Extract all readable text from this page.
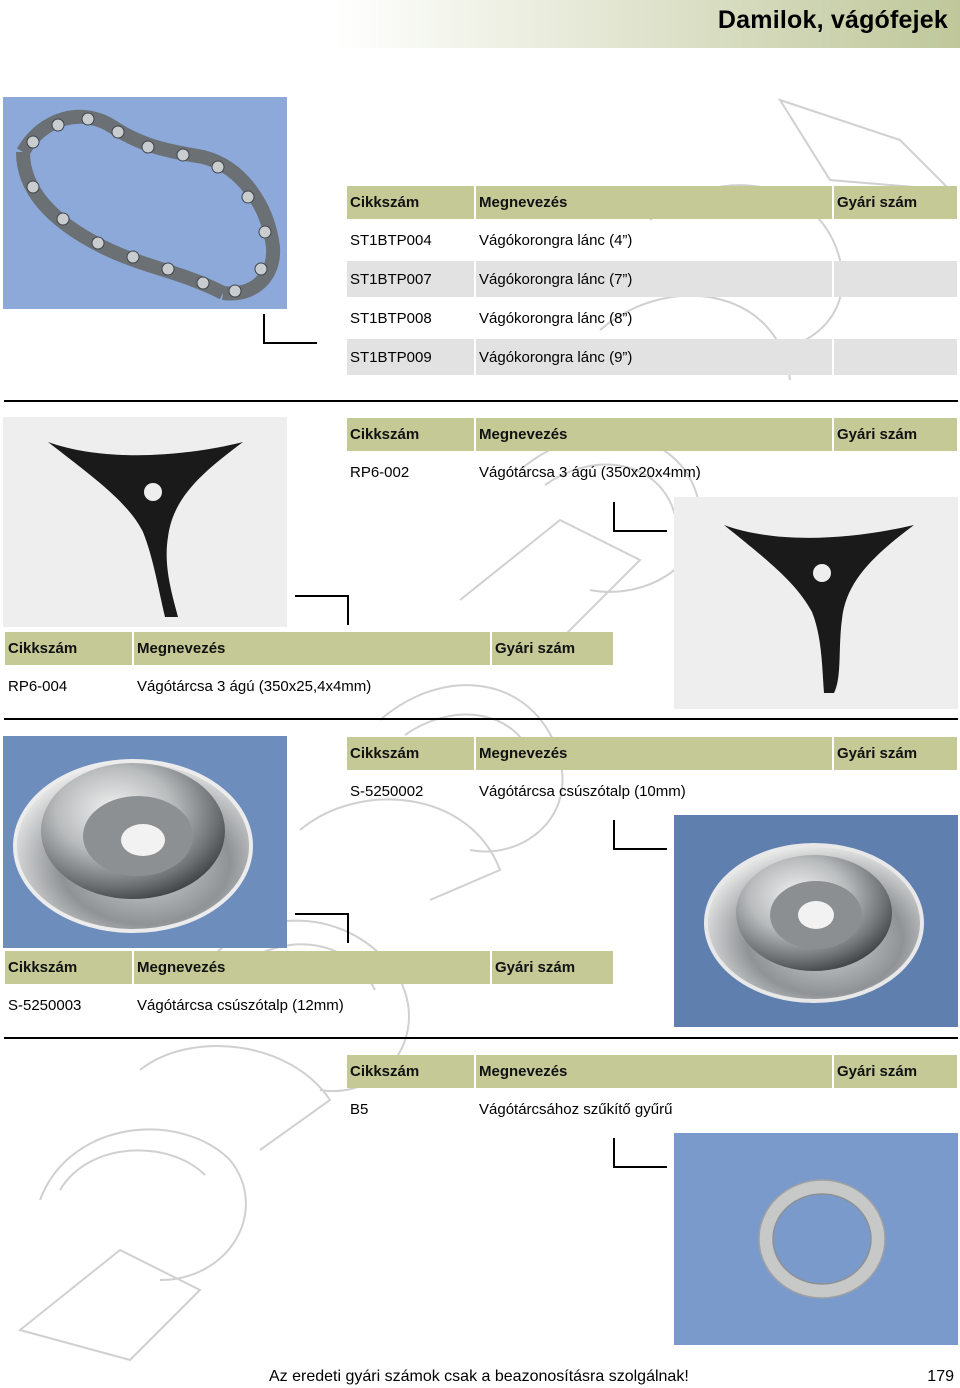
Damilok, vágófejek
Cikkszám	Megnevezés	Gyári szám
ST1BTP004	Vágókorongra lánc (4”)	
ST1BTP007	Vágókorongra lánc (7”)	
ST1BTP008	Vágókorongra lánc (8”)	
ST1BTP009	Vágókorongra lánc (9”)	
Cikkszám	Megnevezés	Gyári szám
RP6-002	Vágótárcsa 3 ágú (350x20x4mm)	
Cikkszám	Megnevezés	Gyári szám
RP6-004	Vágótárcsa 3 ágú (350x25,4x4mm)	
Cikkszám	Megnevezés	Gyári szám
S-5250002	Vágótárcsa csúszótalp (10mm)	
Cikkszám	Megnevezés	Gyári szám
S-5250003	Vágótárcsa csúszótalp (12mm)	
Cikkszám	Megnevezés	Gyári szám
B5	Vágótárcsához szűkítő gyűrű	
Az eredeti gyári számok csak a beazonosításra szolgálnak!	179
